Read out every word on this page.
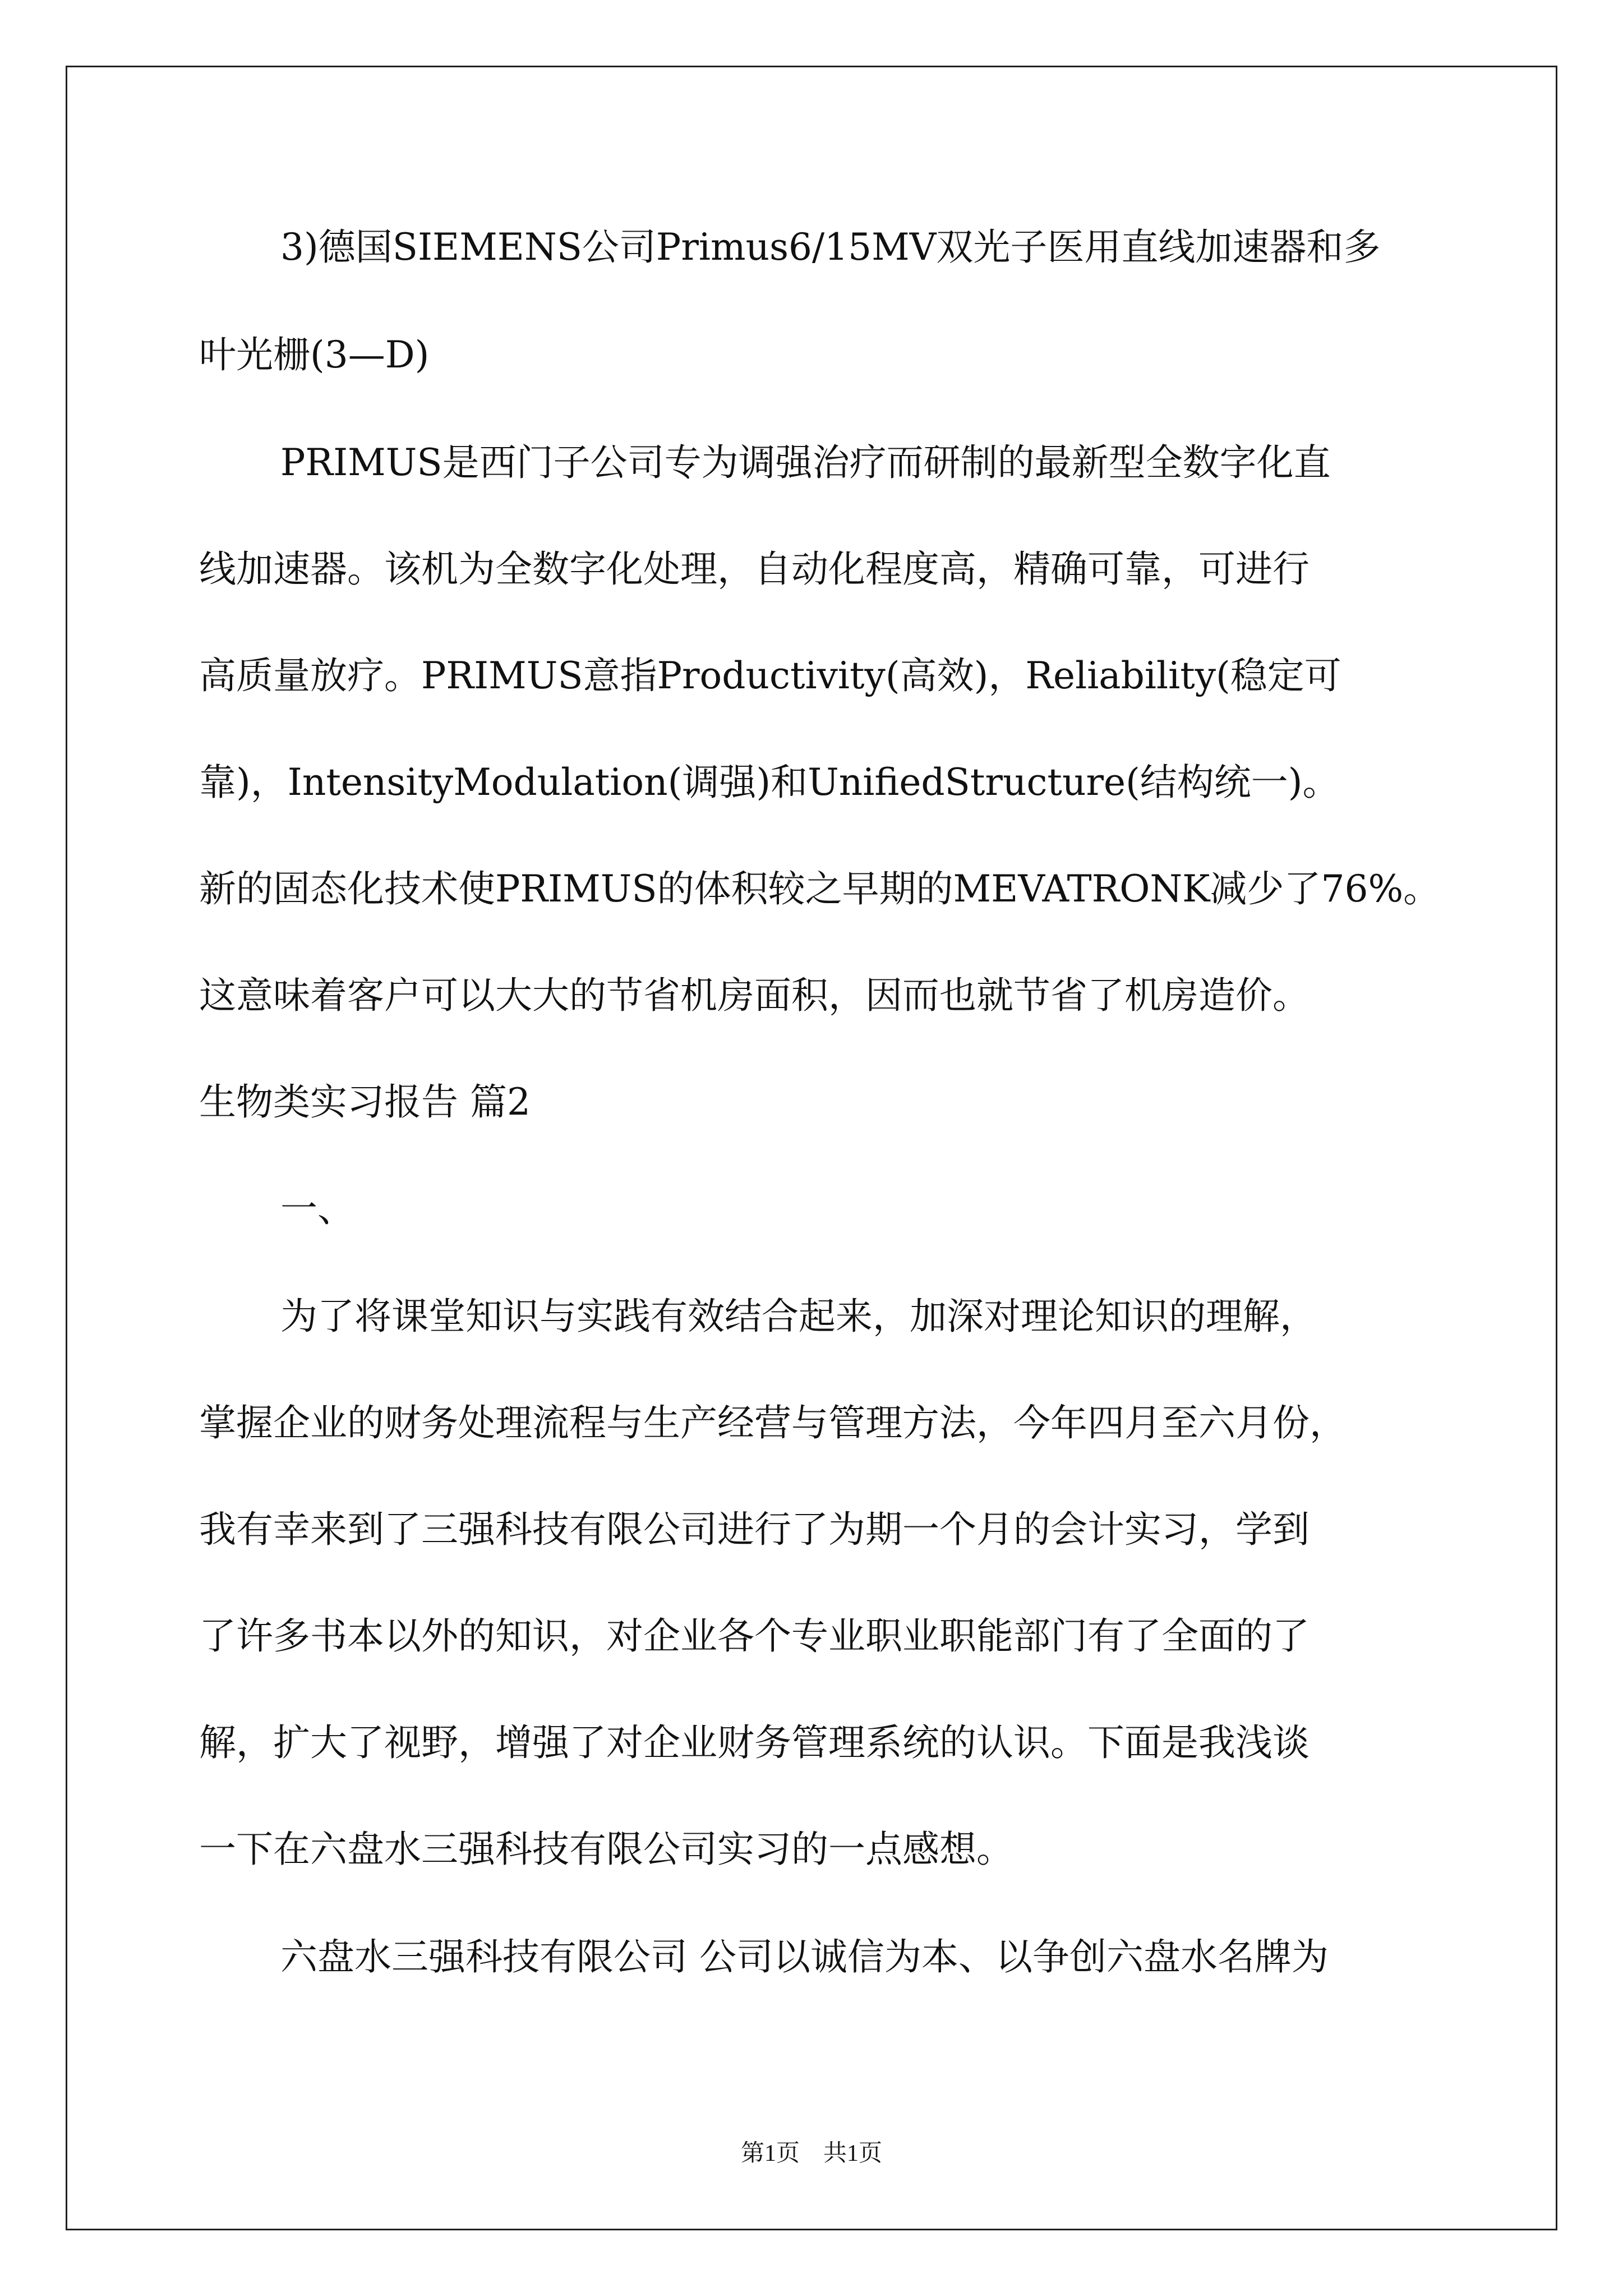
3)德国SIEMENS公司Primus6/15MV双光子医用直线加速器和多
叶光栅(3—D)
PRIMUS是西门子公司专为调强治疗而研制的最新型全数字化直
线加速器。该机为全数字化处理，自动化程度高，精确可靠，可进行
高质量放疗。PRIMUS意指Productivity(高效)，Reliability(稳定可
靠)，IntensityModulation(调强)和UnifiedStructure(结构统一)。
新的固态化技术使PRIMUS的体积较之早期的MEVATRONK减少了76%。
这意味着客户可以大大的节省机房面积，因而也就节省了机房造价。
生物类实习报告 篇2
一、
为了将课堂知识与实践有效结合起来，加深对理论知识的理解，
掌握企业的财务处理流程与生产经营与管理方法，今年四月至六月份，
我有幸来到了三强科技有限公司进行了为期一个月的会计实习，学到
了许多书本以外的知识，对企业各个专业职业职能部门有了全面的了
解，扩大了视野，增强了对企业财务管理系统的认识。下面是我浅谈
一下在六盘水三强科技有限公司实习的一点感想。
六盘水三强科技有限公司 公司以诚信为本、以争创六盘水名牌为
第1页　共1页
